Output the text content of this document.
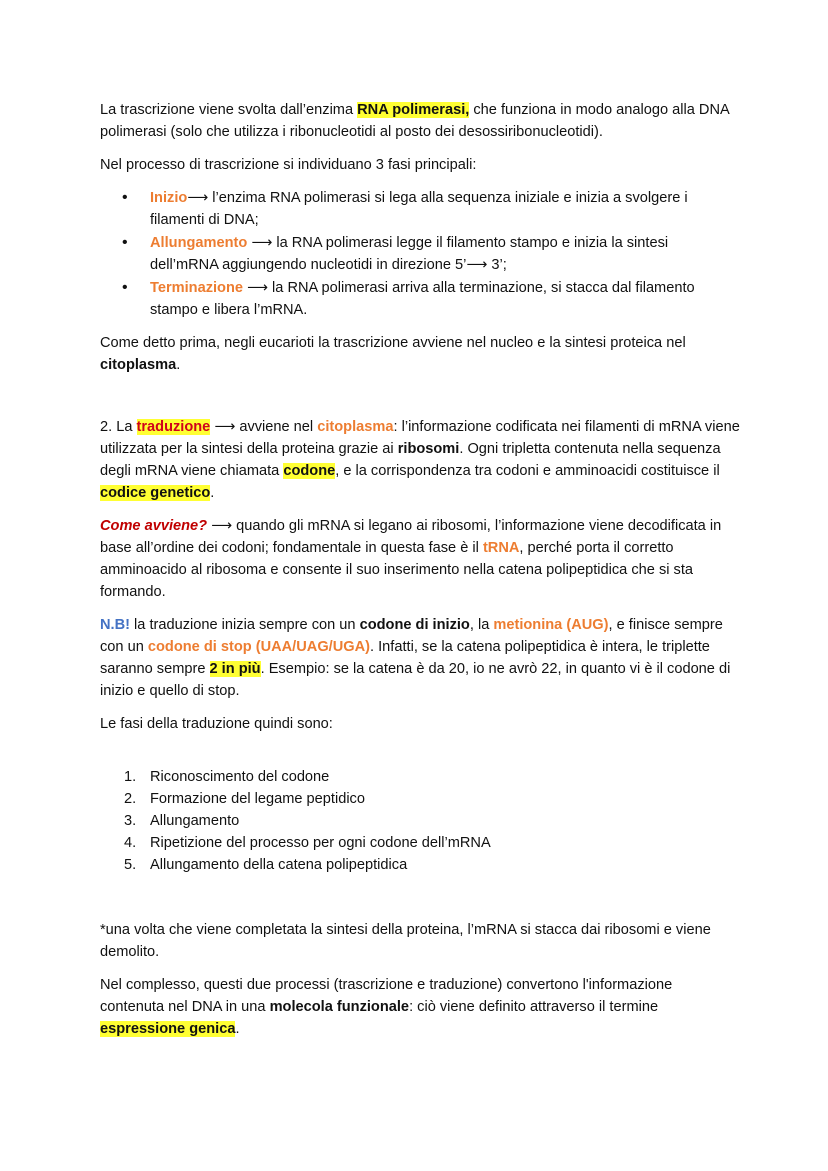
La trascrizione viene svolta dall’enzima RNA polimerasi, che funziona in modo analogo alla DNA polimerasi (solo che utilizza i ribonucleotidi al posto dei desossiribonucleotidi).

Nel processo di trascrizione si individuano 3 fasi principali:

• Inizio⟶ l’enzima RNA polimerasi si lega alla sequenza iniziale e inizia a svolgere i filamenti di DNA;
• Allungamento ⟶ la RNA polimerasi legge il filamento stampo e inizia la sintesi dell’mRNA aggiungendo nucleotidi in direzione 5’⟶ 3’;
• Terminazione ⟶ la RNA polimerasi arriva alla terminazione, si stacca dal filamento stampo e libera l’mRNA.

Come detto prima, negli eucarioti la trascrizione avviene nel nucleo e la sintesi proteica nel citoplasma.

2. La traduzione ⟶ avviene nel citoplasma: l’informazione codificata nei filamenti di mRNA viene utilizzata per la sintesi della proteina grazie ai ribosomi. Ogni tripletta contenuta nella sequenza degli mRNA viene chiamata codone, e la corrispondenza tra codoni e amminoacidi costituisce il codice genetico.

Come avviene? ⟶ quando gli mRNA si legano ai ribosomi, l’informazione viene decodificata in base all’ordine dei codoni; fondamentale in questa fase è il tRNA, perché porta il corretto amminoacido al ribosoma e consente il suo inserimento nella catena polipeptidica che si sta formando.

N.B! la traduzione inizia sempre con un codone di inizio, la metionina (AUG), e finisce sempre con un codone di stop (UAA/UAG/UGA). Infatti, se la catena polipeptidica è intera, le triplette saranno sempre 2 in più. Esempio: se la catena è da 20, io ne avrò 22, in quanto vi è il codone di inizio e quello di stop.

Le fasi della traduzione quindi sono:

1. Riconoscimento del codone
2. Formazione del legame peptidico
3. Allungamento
4. Ripetizione del processo per ogni codone dell’mRNA
5. Allungamento della catena polipeptidica

*una volta che viene completata la sintesi della proteina, l’mRNA si stacca dai ribosomi e viene demolito.

Nel complesso, questi due processi (trascrizione e traduzione) convertono l'informazione contenuta nel DNA in una molecola funzionale: ciò viene definito attraverso il termine espressione genica.
